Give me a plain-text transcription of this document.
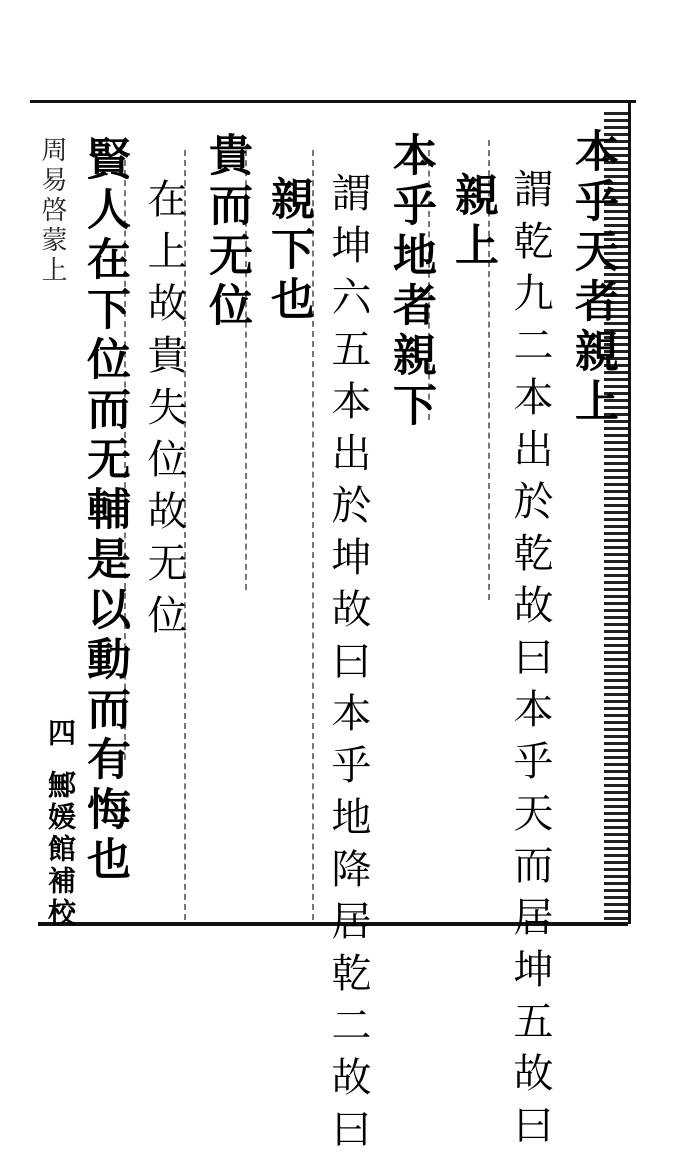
本乎天者親上
謂乾九二本出於乾故曰本乎天而居坤五故曰
親上
本乎地者親下
謂坤六五本出於坤故曰本乎地降居乾二故曰
親下也
貴而无位
在上故貴失位故无位
賢人在下位而无輔是以動而有悔也
周易啓蒙上
四
鄦媛館補校
